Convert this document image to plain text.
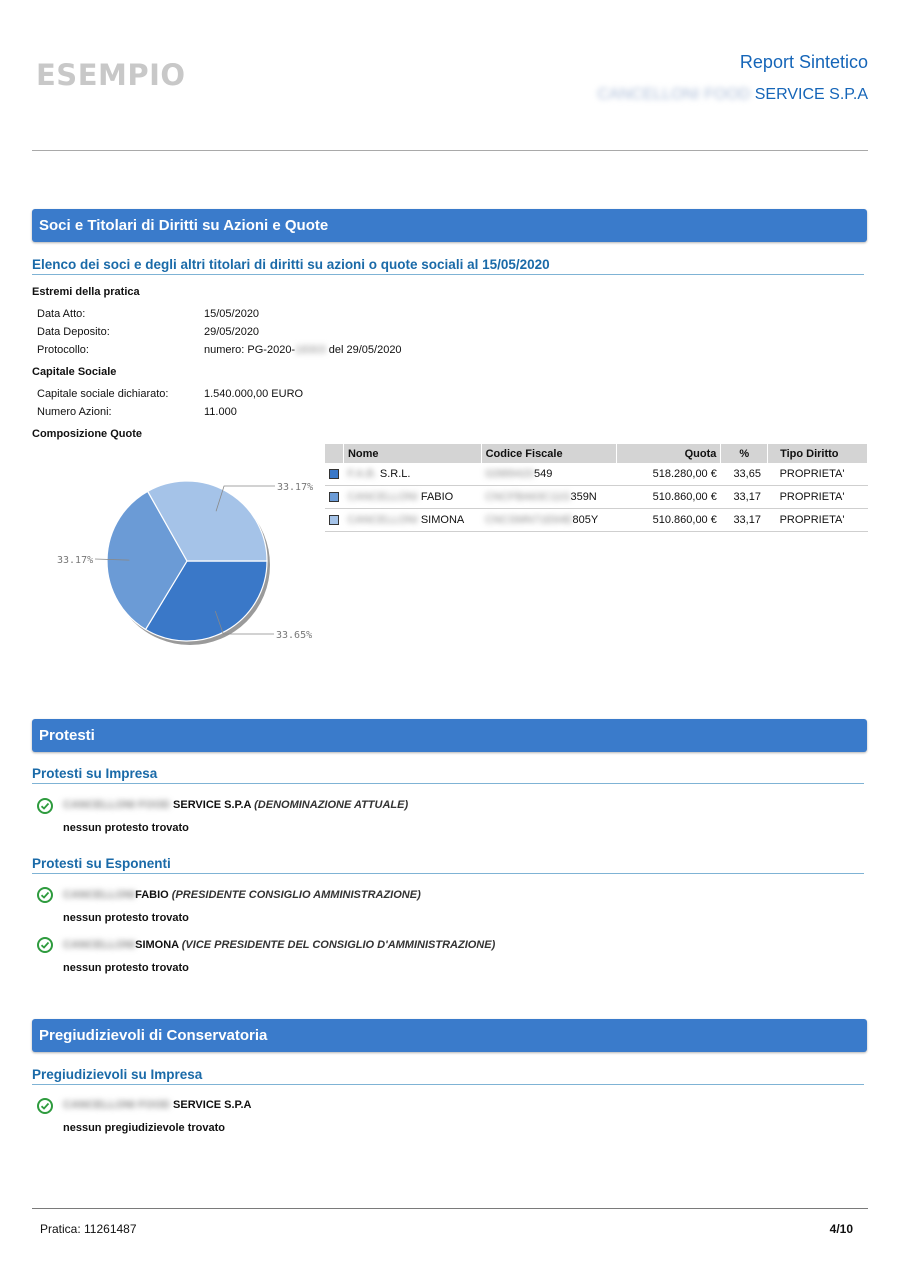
ESEMPIO	Report Sintetico
CANCELLONI FOOD SERVICE S.P.A
Soci e Titolari di Diritti su Azioni e Quote
Elenco dei soci e degli altri titolari di diritti su azioni o quote sociali al 15/05/2020
Estremi della pratica
Data Atto:	15/05/2020
Data Deposito:	29/05/2020
Protocollo:	numero: PG-2020-18303 del 29/05/2020
Capitale Sociale
Capitale sociale dichiarato:	1.540.000,00 EURO
Numero Azioni:	11.000
Composizione Quote
33.65%
33.17%
33.17%
	Nome	Codice Fiscale	Quota	%	Tipo Diritto
	F.A.B. S.R.L.	02889420549	518.280,00 €	33,65	PROPRIETA'
	CANCELLONI FABIO	CNCFBA63C11G359N	510.860,00 €	33,17	PROPRIETA'
	CANCELLONI SIMONA	CNCSMN71E64E805Y	510.860,00 €	33,17	PROPRIETA'
Protesti
Protesti su Impresa
CANCELLONI FOOD SERVICE S.P.A (DENOMINAZIONE ATTUALE)
nessun protesto trovato
Protesti su Esponenti
CANCELLONIFABIO (PRESIDENTE CONSIGLIO AMMINISTRAZIONE)
nessun protesto trovato
CANCELLONISIMONA (VICE PRESIDENTE DEL CONSIGLIO D'AMMINISTRAZIONE)
nessun protesto trovato
Pregiudizievoli di Conservatoria
Pregiudizievoli su Impresa
CANCELLONI FOOD SERVICE S.P.A
nessun pregiudizievole trovato
Pratica: 11261487	4/10
